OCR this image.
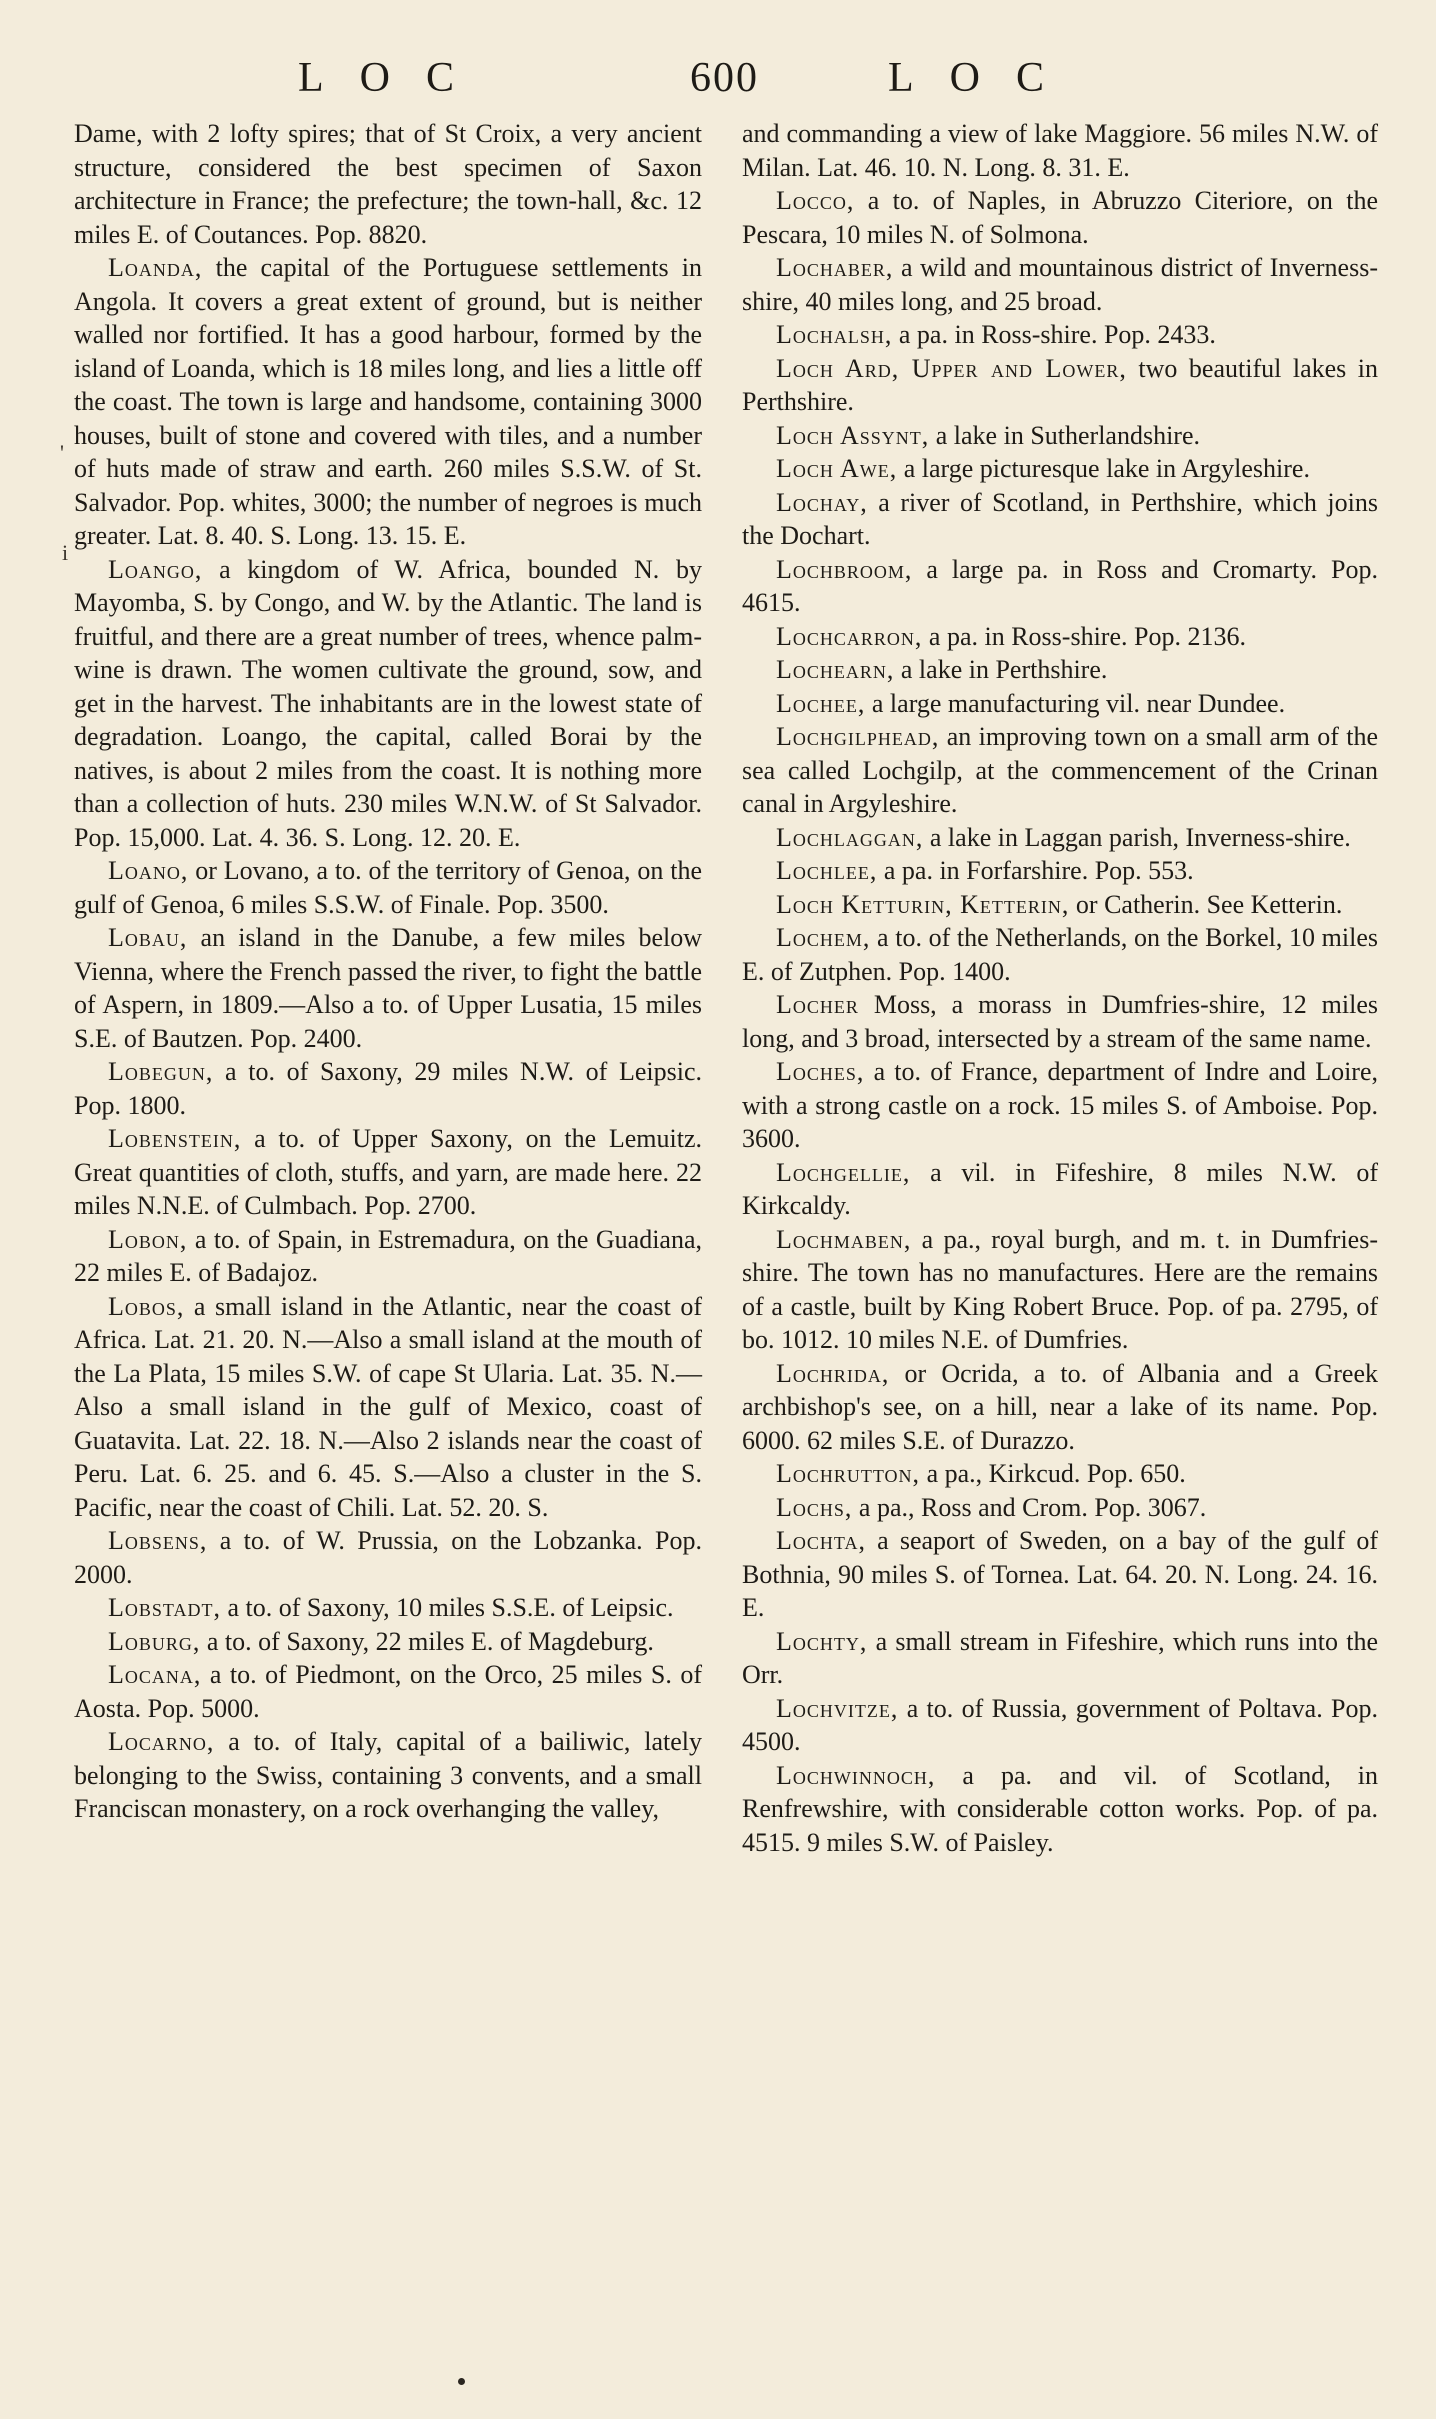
LOC	600	LOC
'
i

Dame, with 2 lofty spires; that of St Croix, a very ancient structure, considered the best specimen of Saxon architecture in France; the prefecture; the town-hall, &c. 12 miles E. of Coutances. Pop. 8820.

Loanda, the capital of the Portuguese settlements in Angola. It covers a great extent of ground, but is neither walled nor fortified. It has a good harbour, formed by the island of Loanda, which is 18 miles long, and lies a little off the coast. The town is large and handsome, containing 3000 houses, built of stone and covered with tiles, and a number of huts made of straw and earth. 260 miles S.S.W. of St. Salvador. Pop. whites, 3000; the number of negroes is much greater. Lat. 8. 40. S. Long. 13. 15. E.

Loango, a kingdom of W. Africa, bounded N. by Mayomba, S. by Congo, and W. by the Atlantic. The land is fruitful, and there are a great number of trees, whence palm-wine is drawn. The women cultivate the ground, sow, and get in the harvest. The inhabitants are in the lowest state of degradation. Loango, the capital, called Borai by the natives, is about 2 miles from the coast. It is nothing more than a collection of huts. 230 miles W.N.W. of St Salvador. Pop. 15,000. Lat. 4. 36. S. Long. 12. 20. E.

Loano, or Lovano, a to. of the territory of Genoa, on the gulf of Genoa, 6 miles S.S.W. of Finale. Pop. 3500.

Lobau, an island in the Danube, a few miles below Vienna, where the French passed the river, to fight the battle of Aspern, in 1809.—Also a to. of Upper Lusatia, 15 miles S.E. of Bautzen. Pop. 2400.

Lobegun, a to. of Saxony, 29 miles N.W. of Leipsic. Pop. 1800.

Lobenstein, a to. of Upper Saxony, on the Lemuitz. Great quantities of cloth, stuffs, and yarn, are made here. 22 miles N.N.E. of Culmbach. Pop. 2700.

Lobon, a to. of Spain, in Estremadura, on the Guadiana, 22 miles E. of Badajoz.

Lobos, a small island in the Atlantic, near the coast of Africa. Lat. 21. 20. N.—Also a small island at the mouth of the La Plata, 15 miles S.W. of cape St Ularia. Lat. 35. N.—Also a small island in the gulf of Mexico, coast of Guatavita. Lat. 22. 18. N.—Also 2 islands near the coast of Peru. Lat. 6. 25. and 6. 45. S.—Also a cluster in the S. Pacific, near the coast of Chili. Lat. 52. 20. S.

Lobsens, a to. of W. Prussia, on the Lobzanka. Pop. 2000.

Lobstadt, a to. of Saxony, 10 miles S.S.E. of Leipsic.

Loburg, a to. of Saxony, 22 miles E. of Magdeburg.

Locana, a to. of Piedmont, on the Orco, 25 miles S. of Aosta. Pop. 5000.

Locarno, a to. of Italy, capital of a bailiwic, lately belonging to the Swiss, containing 3 convents, and a small Franciscan monastery, on a rock overhanging the valley,

and commanding a view of lake Maggiore. 56 miles N.W. of Milan. Lat. 46. 10. N. Long. 8. 31. E.

Locco, a to. of Naples, in Abruzzo Citeriore, on the Pescara, 10 miles N. of Solmona.

Lochaber, a wild and mountainous district of Inverness-shire, 40 miles long, and 25 broad.

Lochalsh, a pa. in Ross-shire. Pop. 2433.

Loch Ard, Upper and Lower, two beautiful lakes in Perthshire.

Loch Assynt, a lake in Sutherlandshire.

Loch Awe, a large picturesque lake in Argyleshire.

Lochay, a river of Scotland, in Perthshire, which joins the Dochart.

Lochbroom, a large pa. in Ross and Cromarty. Pop. 4615.

Lochcarron, a pa. in Ross-shire. Pop. 2136.

Lochearn, a lake in Perthshire.

Lochee, a large manufacturing vil. near Dundee.

Lochgilphead, an improving town on a small arm of the sea called Lochgilp, at the commencement of the Crinan canal in Argyleshire.

Lochlaggan, a lake in Laggan parish, Inverness-shire.

Lochlee, a pa. in Forfarshire. Pop. 553.

Loch Ketturin, Ketterin, or Catherin. See Ketterin.

Lochem, a to. of the Netherlands, on the Borkel, 10 miles E. of Zutphen. Pop. 1400.

Locher Moss, a morass in Dumfries-shire, 12 miles long, and 3 broad, intersected by a stream of the same name.

Loches, a to. of France, department of Indre and Loire, with a strong castle on a rock. 15 miles S. of Amboise. Pop. 3600.

Lochgellie, a vil. in Fifeshire, 8 miles N.W. of Kirkcaldy.

Lochmaben, a pa., royal burgh, and m. t. in Dumfries-shire. The town has no manufactures. Here are the remains of a castle, built by King Robert Bruce. Pop. of pa. 2795, of bo. 1012. 10 miles N.E. of Dumfries.

Lochrida, or Ocrida, a to. of Albania and a Greek archbishop's see, on a hill, near a lake of its name. Pop. 6000. 62 miles S.E. of Durazzo.

Lochrutton, a pa., Kirkcud. Pop. 650.

Lochs, a pa., Ross and Crom. Pop. 3067.

Lochta, a seaport of Sweden, on a bay of the gulf of Bothnia, 90 miles S. of Tornea. Lat. 64. 20. N. Long. 24. 16. E.

Lochty, a small stream in Fifeshire, which runs into the Orr.

Lochvitze, a to. of Russia, government of Poltava. Pop. 4500.

Lochwinnoch, a pa. and vil. of Scotland, in Renfrewshire, with considerable cotton works. Pop. of pa. 4515. 9 miles S.W. of Paisley.
